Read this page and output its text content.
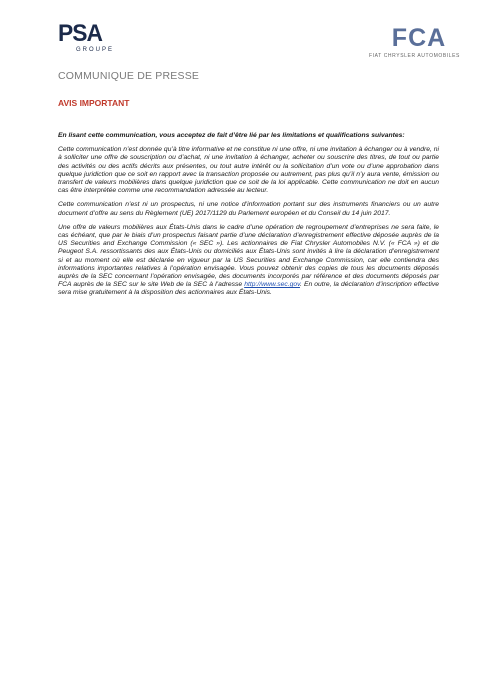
PSA
GROUPE	FCA
FIAT CHRYSLER AUTOMOBILES
COMMUNIQUE DE PRESSE
AVIS IMPORTANT

En lisant cette communication, vous acceptez de fait d’être lié par les limitations et qualifications suivantes:

Cette communication n’est donnée qu’à titre informative et ne constitue ni une offre, ni une invitation à échanger ou à vendre, ni à solliciter une offre de souscription ou d’achat, ni une invitation à échanger, acheter ou souscrire des titres, de tout ou partie des activités ou des actifs décrits aux présentes, ou tout autre intérêt ou la sollicitation d’un vote ou d’une approbation dans quelque juridiction que ce soit en rapport avec la transaction proposée ou autrement, pas plus qu’il n’y aura vente, émission ou transfert de valeurs mobilières dans quelque juridiction que ce soit de la loi applicable. Cette communication ne doit en aucun cas être interprétée comme une recommandation adressée au lecteur.

Cette communication n’est ni un prospectus, ni une notice d’information portant sur des instruments financiers ou un autre document d’offre au sens du Règlement (UE) 2017/1129 du Parlement européen et du Conseil du 14 juin 2017.

Une offre de valeurs mobilières aux États-Unis dans le cadre d’une opération de regroupement d’entreprises ne sera faite, le cas échéant, que par le biais d’un prospectus faisant partie d’une déclaration d’enregistrement effective déposée auprès de la US Securities and Exchange Commission (« SEC »). Les actionnaires de Fiat Chrysler Automobiles N.V. (« FCA ») et de Peugeot S.A. ressortissants des aux États-Unis ou domiciliés aux États-Unis sont invités à lire la déclaration d’enregistrement si et au moment où elle est déclarée en vigueur par la US Securities and Exchange Commission, car elle contiendra des informations importantes relatives à l’opération envisagée. Vous pouvez obtenir des copies de tous les documents déposés auprès de la SEC concernant l’opération envisagée, des documents incorporés par référence et des documents déposés par FCA auprès de la SEC sur le site Web de la SEC à l’adresse http://www.sec.gov. En outre, la déclaration d’inscription effective sera mise gratuitement à la disposition des actionnaires aux États-Unis.
